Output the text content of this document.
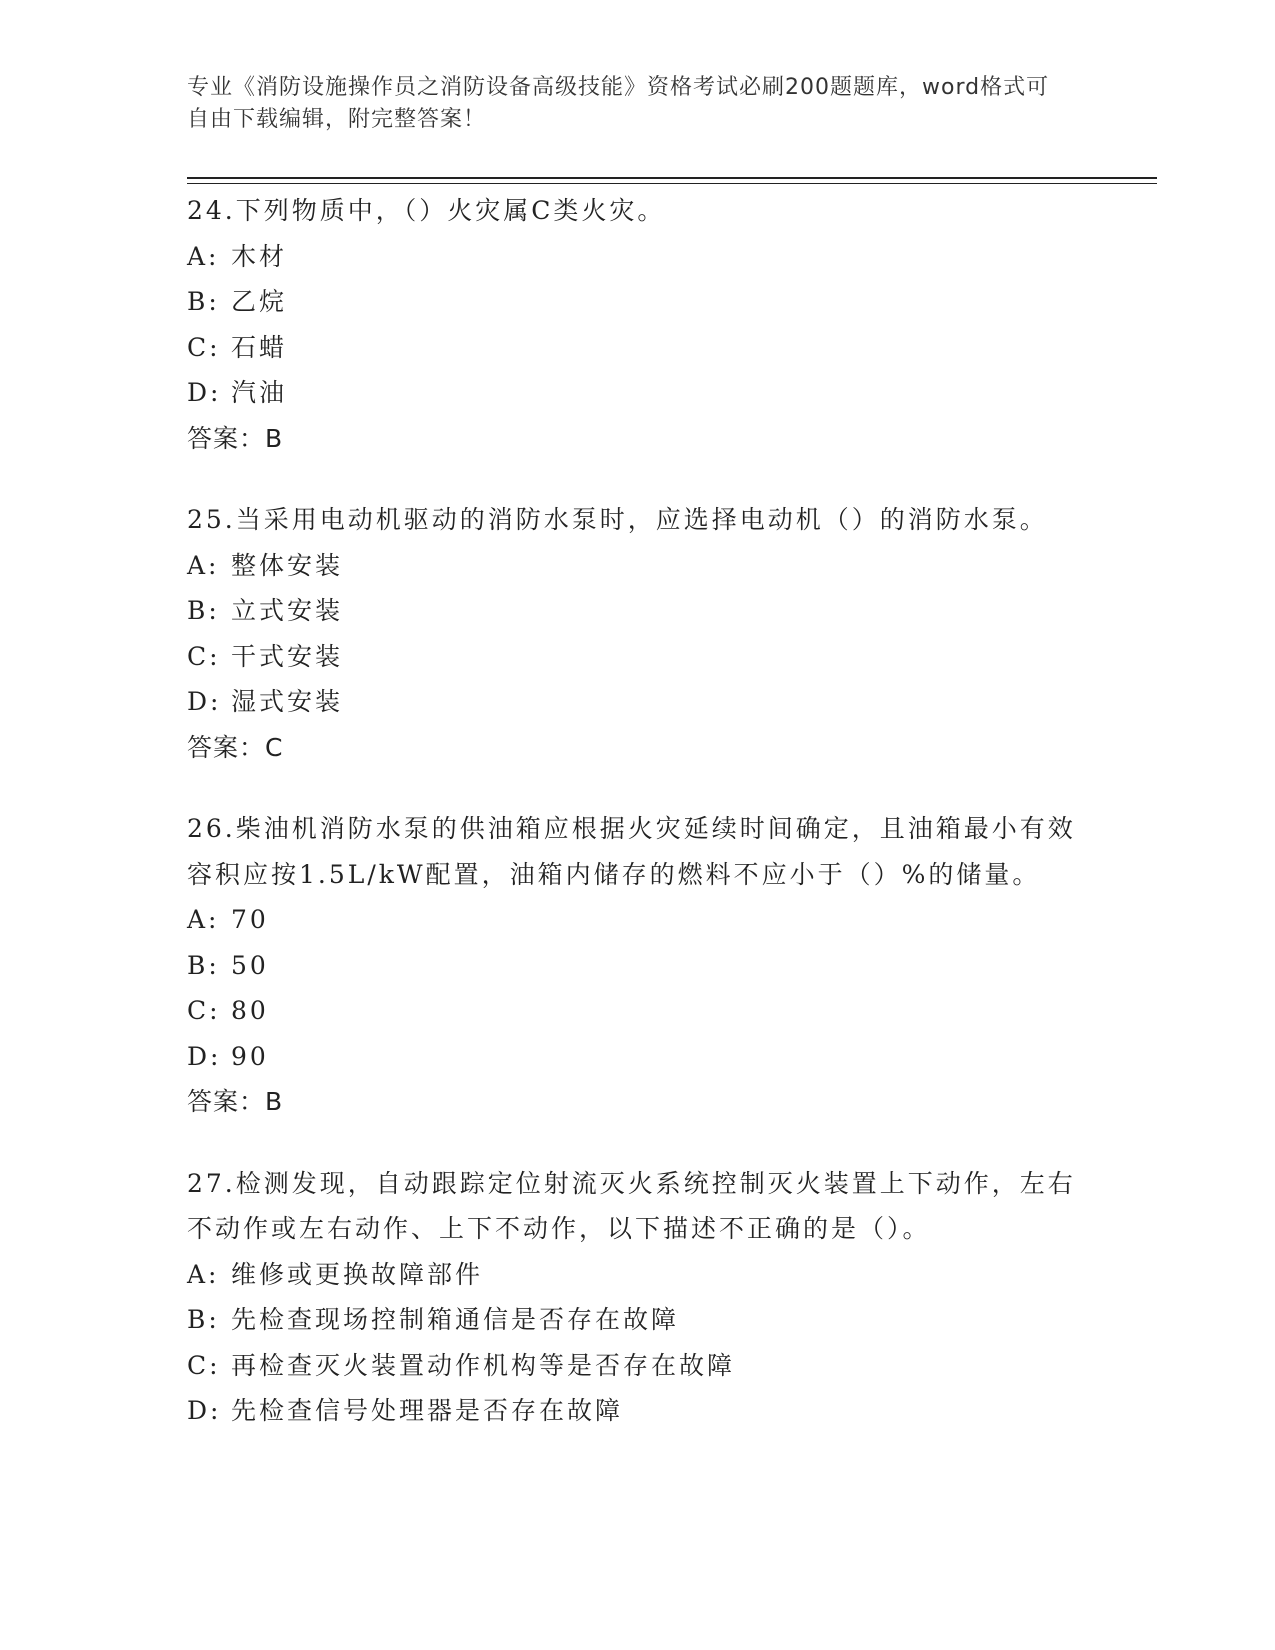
专业《消防设施操作员之消防设备高级技能》资格考试必刷200题题库，word格式可自由下载编辑，附完整答案！

24.下列物质中，（）火灾属C类火灾。

A: 木材

B: 乙烷

C: 石蜡

D: 汽油

答案：B

25.当采用电动机驱动的消防水泵时，应选择电动机（）的消防水泵。

A: 整体安装

B: 立式安装

C: 干式安装

D: 湿式安装

答案：C

26.柴油机消防水泵的供油箱应根据火灾延续时间确定，且油箱最小有效容积应按1.5L/kW配置，油箱内储存的燃料不应小于（）%的储量。

A: 70

B: 50

C: 80

D: 90

答案：B

27.检测发现，自动跟踪定位射流灭火系统控制灭火装置上下动作，左右不动作或左右动作、上下不动作，以下描述不正确的是（）。

A: 维修或更换故障部件

B: 先检查现场控制箱通信是否存在故障

C: 再检查灭火装置动作机构等是否存在故障

D: 先检查信号处理器是否存在故障
